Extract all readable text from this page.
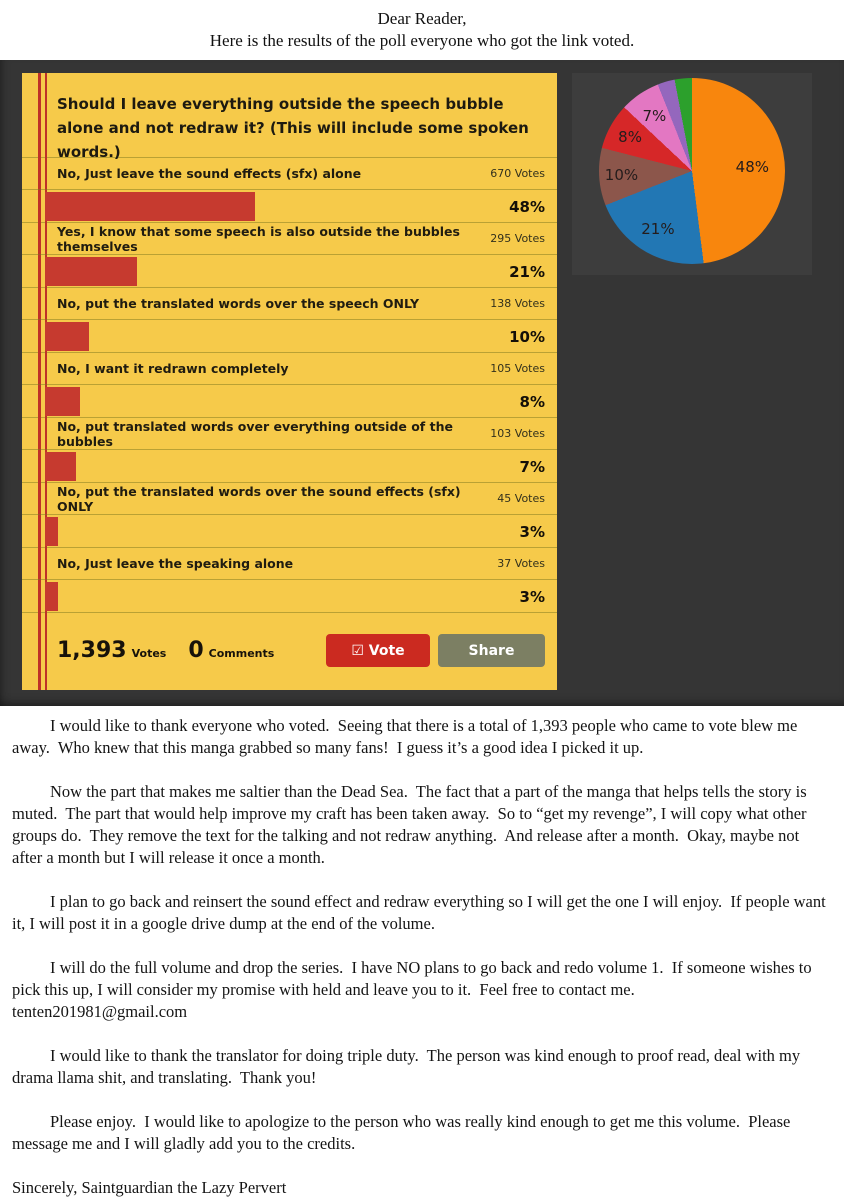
Dear Reader,
Here is the results of the poll everyone who got the link voted.
Should I leave everything outside the speech bubble alone and not redraw it? (This will include some spoken words.)
No, Just leave the sound effects (sfx) alone	670 Votes
48%
Yes, I know that some speech is also outside the bubbles themselves	295 Votes
21%
No, put the translated words over the speech ONLY	138 Votes
10%
No, I want it redrawn completely	105 Votes
8%
No, put translated words over everything outside of the bubbles	103 Votes
7%
No, put the translated words over the sound effects (sfx) ONLY	45 Votes
3%
No, Just leave the speaking alone	37 Votes
3%
1,393 Votes 0 Comments	☑ Vote	Share
48%
21%
10%
8%
7%

I would like to thank everyone who voted.  Seeing that there is a total of 1,393 people who came to vote blew me away.  Who knew that this manga grabbed so many fans!  I guess it’s a good idea I picked it up.

Now the part that makes me saltier than the Dead Sea.  The fact that a part of the manga that helps tells the story is muted.  The part that would help improve my craft has been taken away.  So to “get my revenge”, I will copy what other groups do.  They remove the text for the talking and not redraw anything.  And release after a month.  Okay, maybe not after a month but I will release it once a month.

I plan to go back and reinsert the sound effect and redraw everything so I will get the one I will enjoy.  If people want it, I will post it in a google drive dump at the end of the volume.

I will do the full volume and drop the series.  I have NO plans to go back and redo volume 1.  If someone wishes to pick this up, I will consider my promise with held and leave you to it.  Feel free to contact me.
tenten201981@gmail.com

I would like to thank the translator for doing triple duty.  The person was kind enough to proof read, deal with my drama llama shit, and translating.  Thank you!

Please enjoy.  I would like to apologize to the person who was really kind enough to get me this volume.  Please message me and I will gladly add you to the credits.

Sincerely, Saintguardian the Lazy Pervert
